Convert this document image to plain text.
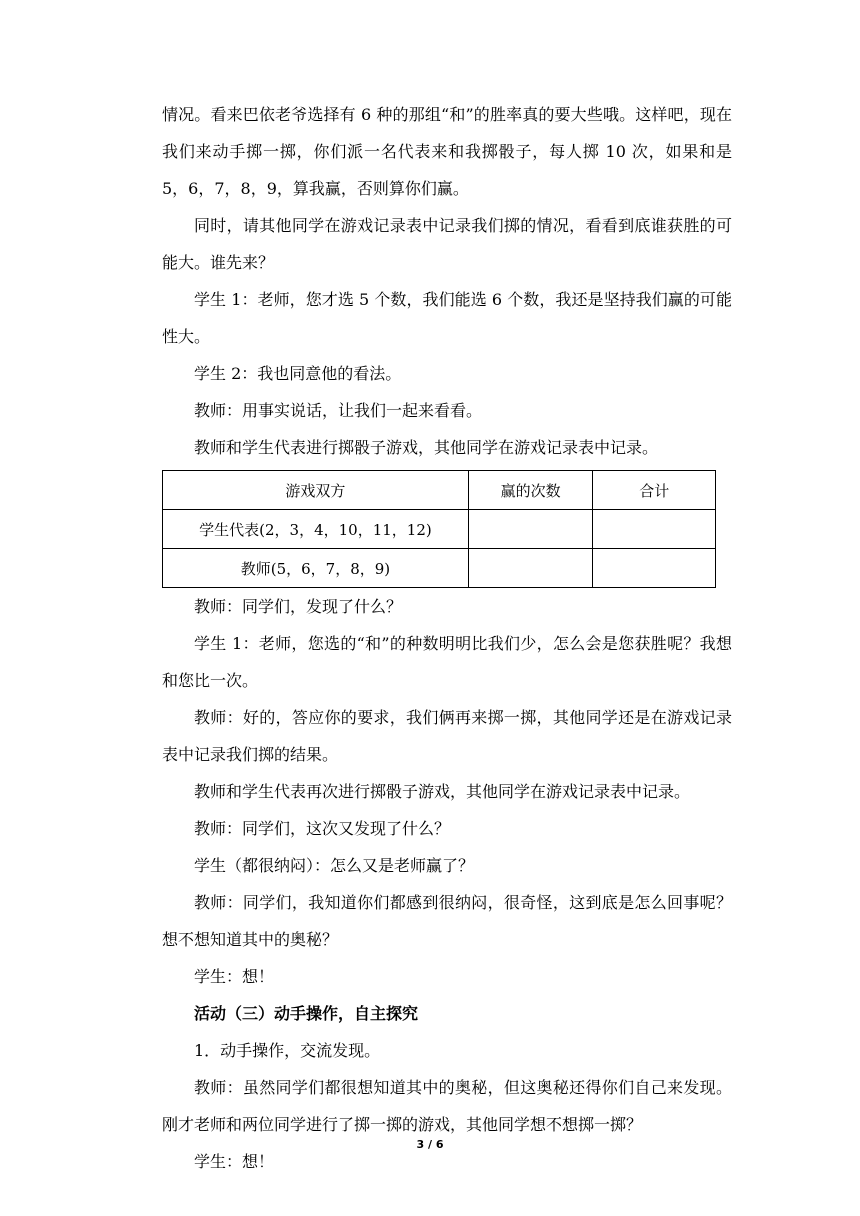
情况。看来巴依老爷选择有 6 种的那组“和”的胜率真的要大些哦。这样吧，现在我们来动手掷一掷，你们派一名代表来和我掷骰子，每人掷 10 次，如果和是 5，6，7，8，9，算我赢，否则算你们赢。

同时，请其他同学在游戏记录表中记录我们掷的情况，看看到底谁获胜的可能大。谁先来？

学生 1：老师，您才选 5 个数，我们能选 6 个数，我还是坚持我们赢的可能性大。

学生 2：我也同意他的看法。

教师：用事实说话，让我们一起来看看。

教师和学生代表进行掷骰子游戏，其他同学在游戏记录表中记录。

游戏双方	赢的次数	合计
学生代表(2，3，4，10，11，12)		
教师(5，6，7，8，9)		

教师：同学们，发现了什么？

学生 1：老师，您选的“和”的种数明明比我们少，怎么会是您获胜呢？我想和您比一次。

教师：好的，答应你的要求，我们俩再来掷一掷，其他同学还是在游戏记录表中记录我们掷的结果。

教师和学生代表再次进行掷骰子游戏，其他同学在游戏记录表中记录。

教师：同学们，这次又发现了什么？

学生（都很纳闷）：怎么又是老师赢了？

教师：同学们，我知道你们都感到很纳闷，很奇怪，这到底是怎么回事呢？想不想知道其中的奥秘？

学生：想！

活动（三）动手操作，自主探究

1．动手操作，交流发现。

教师：虽然同学们都很想知道其中的奥秘，但这奥秘还得你们自己来发现。刚才老师和两位同学进行了掷一掷的游戏，其他同学想不想掷一掷？

学生：想！

3 / 6
